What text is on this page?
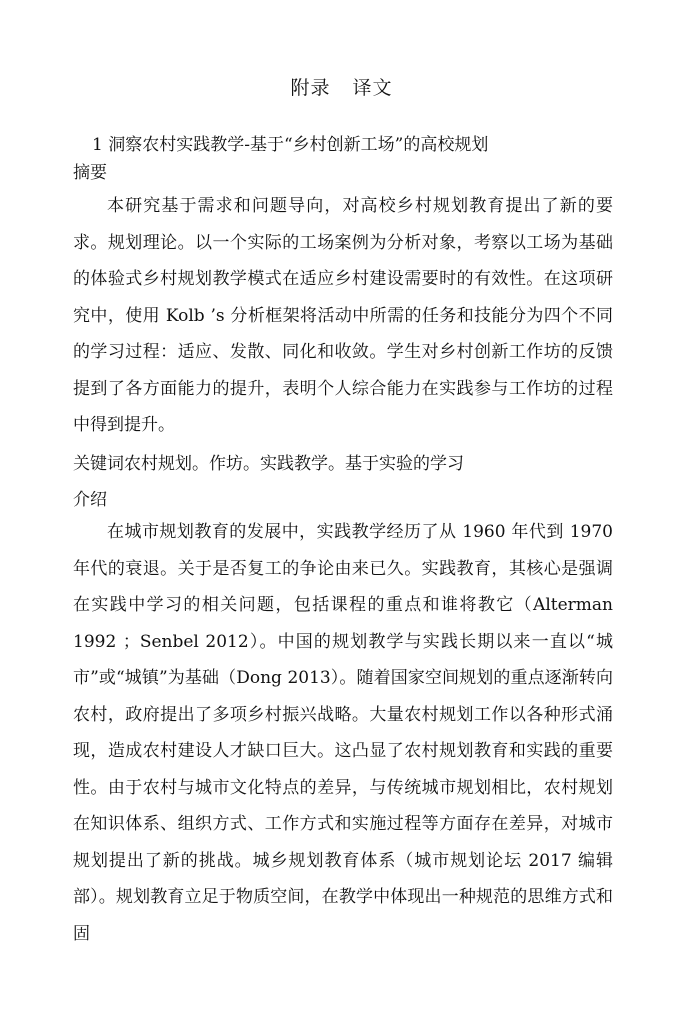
附录 译文
1 洞察农村实践教学-基于“乡村创新工场”的高校规划
摘要

本研究基于需求和问题导向，对高校乡村规划教育提出了新的要求。规划理论。以一个实际的工场案例为分析对象，考察以工场为基础的体验式乡村规划教学模式在适应乡村建设需要时的有效性。在这项研究中，使用 Kolb ’s 分析框架将活动中所需的任务和技能分为四个不同的学习过程：适应、发散、同化和收敛。学生对乡村创新工作坊的反馈提到了各方面能力的提升，表明个人综合能力在实践参与工作坊的过程中得到提升。

关键词农村规划。作坊。实践教学。基于实验的学习
介绍

在城市规划教育的发展中，实践教学经历了从 1960 年代到 1970 年代的衰退。关于是否复工的争论由来已久。实践教育，其核心是强调在实践中学习的相关问题，包括课程的重点和谁将教它（Alterman 1992 ；Senbel 2012）。中国的规划教学与实践长期以来一直以“城市”或“城镇”为基础（Dong 2013）。随着国家空间规划的重点逐渐转向农村，政府提出了多项乡村振兴战略。大量农村规划工作以各种形式涌现，造成农村建设人才缺口巨大。这凸显了农村规划教育和实践的重要性。由于农村与城市文化特点的差异，与传统城市规划相比，农村规划在知识体系、组织方式、工作方式和实施过程等方面存在差异，对城市规划提出了新的挑战。城乡规划教育体系（城市规划论坛 2017 编辑部）。规划教育立足于物质空间，在教学中体现出一种规范的思维方式和固
